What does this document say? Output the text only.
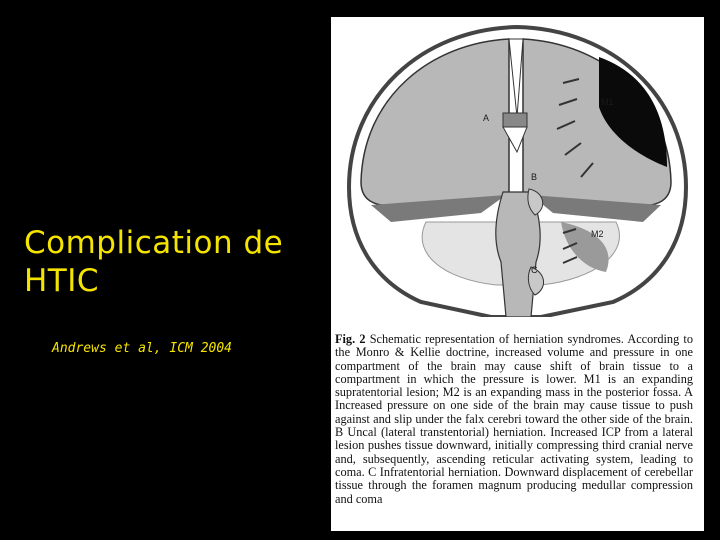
Complication de
HTIC
Andrews et al, ICM 2004
A
B
C
M1
M2
Fig. 2 Schematic representation of herniation syndromes. According to the Monro & Kellie doctrine, increased volume and pressure in one compartment of the brain may cause shift of brain tissue to a compartment in which the pressure is lower. M1 is an expanding supratentorial lesion; M2 is an expanding mass in the posterior fossa. A Increased pressure on one side of the brain may cause tissue to push against and slip under the falx cerebri toward the other side of the brain. B Uncal (lateral transtentorial) herniation. Increased ICP from a lateral lesion pushes tissue downward, initially compressing third cranial nerve and, subsequently, ascending reticular activating system, leading to coma. C Infratentorial herniation. Downward displacement of cerebellar tissue through the foramen magnum producing medullar compression and coma
